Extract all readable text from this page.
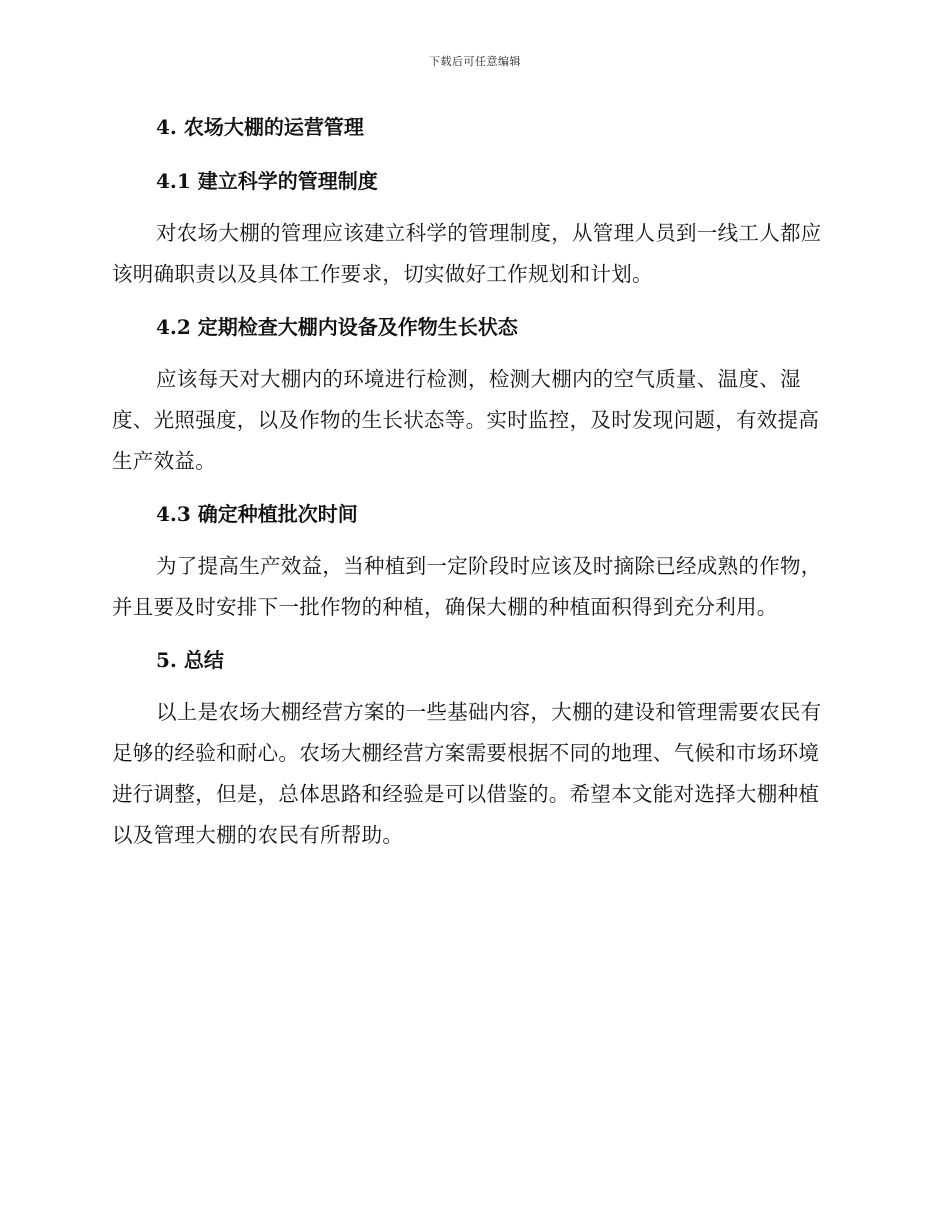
下载后可任意编辑
4. 农场大棚的运营管理
4.1 建立科学的管理制度

对农场大棚的管理应该建立科学的管理制度，从管理人员到一线工人都应该明确职责以及具体工作要求，切实做好工作规划和计划。

4.2 定期检查大棚内设备及作物生长状态

应该每天对大棚内的环境进行检测，检测大棚内的空气质量、温度、湿度、光照强度，以及作物的生长状态等。实时监控，及时发现问题，有效提高生产效益。

4.3 确定种植批次时间

为了提高生产效益，当种植到一定阶段时应该及时摘除已经成熟的作物，并且要及时安排下一批作物的种植，确保大棚的种植面积得到充分利用。

5. 总结

以上是农场大棚经营方案的一些基础内容，大棚的建设和管理需要农民有足够的经验和耐心。农场大棚经营方案需要根据不同的地理、气候和市场环境进行调整，但是，总体思路和经验是可以借鉴的。希望本文能对选择大棚种植以及管理大棚的农民有所帮助。
